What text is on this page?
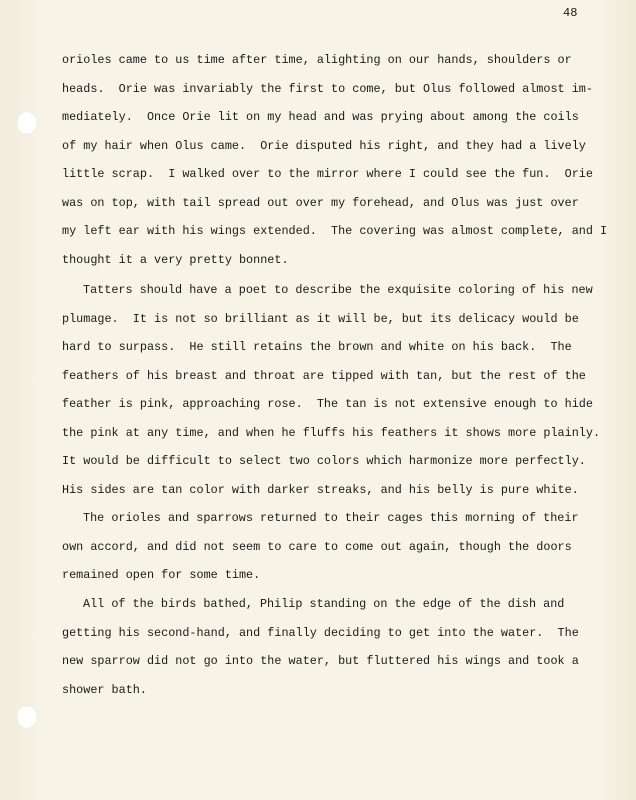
48
orioles came to us time after time, alighting on our hands, shoulders or
heads.  Orie was invariably the first to come, but Olus followed almost im-
mediately.  Once Orie lit on my head and was prying about among the coils
of my hair when Olus came.  Orie disputed his right, and they had a lively
little scrap.  I walked over to the mirror where I could see the fun.  Orie
was on top, with tail spread out over my forehead, and Olus was just over
my left ear with his wings extended.  The covering was almost complete, and I
thought it a very pretty bonnet.
Tatters should have a poet to describe the exquisite coloring of his new
plumage.  It is not so brilliant as it will be, but its delicacy would be
hard to surpass.  He still retains the brown and white on his back.  The
feathers of his breast and throat are tipped with tan, but the rest of the
feather is pink, approaching rose.  The tan is not extensive enough to hide
the pink at any time, and when he fluffs his feathers it shows more plainly.
It would be difficult to select two colors which harmonize more perfectly.
His sides are tan color with darker streaks, and his belly is pure white.
The orioles and sparrows returned to their cages this morning of their
own accord, and did not seem to care to come out again, though the doors
remained open for some time.
All of the birds bathed, Philip standing on the edge of the dish and
getting his second-hand, and finally deciding to get into the water.  The
new sparrow did not go into the water, but fluttered his wings and took a
shower bath.
